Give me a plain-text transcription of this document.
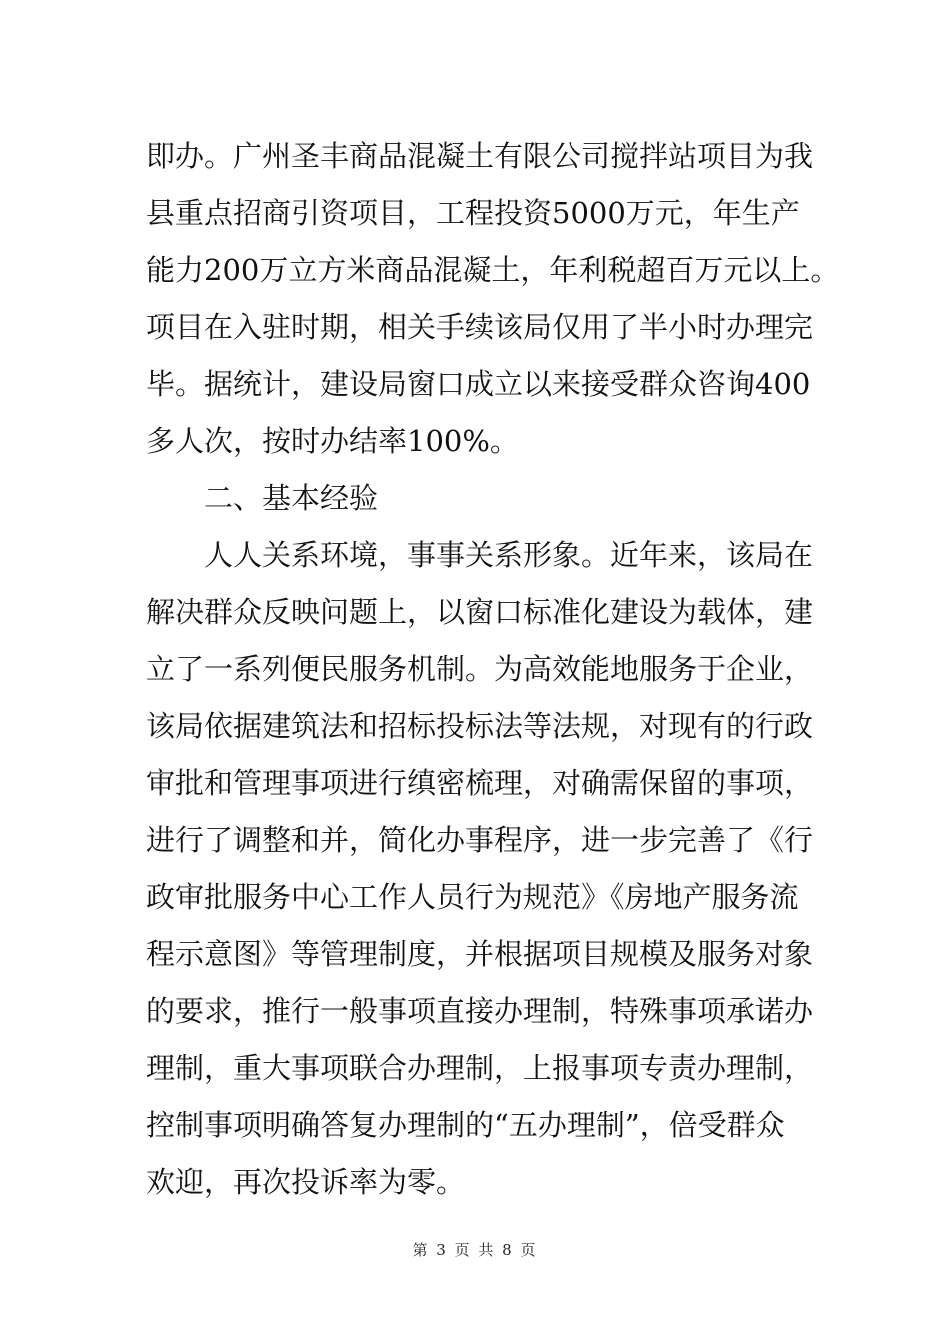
即办。广州圣丰商品混凝土有限公司搅拌站项目为我
县重点招商引资项目，工程投资5000万元，年生产
能力200万立方米商品混凝土，年利税超百万元以上。
项目在入驻时期，相关手续该局仅用了半小时办理完
毕。据统计，建设局窗口成立以来接受群众咨询400
多人次，按时办结率100%。
二、基本经验
人人关系环境，事事关系形象。近年来，该局在
解决群众反映问题上，以窗口标准化建设为载体，建
立了一系列便民服务机制。为高效能地服务于企业，
该局依据建筑法和招标投标法等法规，对现有的行政
审批和管理事项进行缜密梳理，对确需保留的事项，
进行了调整和并，简化办事程序，进一步完善了《行
政审批服务中心工作人员行为规范》《房地产服务流
程示意图》等管理制度，并根据项目规模及服务对象
的要求，推行一般事项直接办理制，特殊事项承诺办
理制，重大事项联合办理制，上报事项专责办理制，
控制事项明确答复办理制的“五办理制”，倍受群众
欢迎，再次投诉率为零。
第 3 页 共 8 页
